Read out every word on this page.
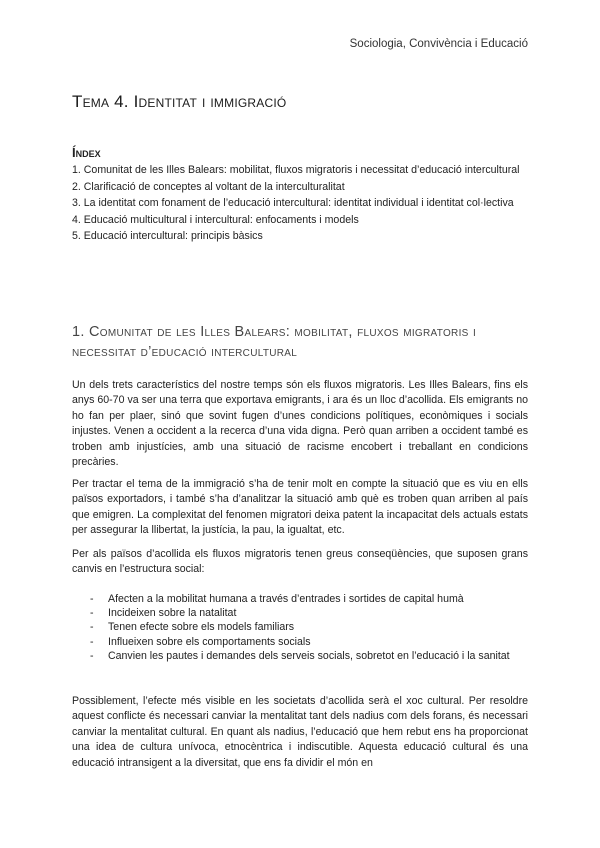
Sociologia, Convivència i Educació
Tema 4. Identitat i immigració
Índex
1. Comunitat de les Illes Balears: mobilitat, fluxos migratoris i necessitat d’educació intercultural
2. Clarificació de conceptes al voltant de la interculturalitat
3. La identitat com fonament de l’educació intercultural: identitat individual i identitat col·lectiva
4. Educació multicultural i intercultural: enfocaments i models
5. Educació intercultural: principis bàsics
1. Comunitat de les Illes Balears: mobilitat, fluxos migratoris i necessitat d’educació intercultural

Un dels trets característics del nostre temps són els fluxos migratoris. Les Illes Balears, fins els anys 60-70 va ser una terra que exportava emigrants, i ara és un lloc d’acollida. Els emigrants no ho fan per plaer, sinó que sovint fugen d’unes condicions polítiques, econòmiques i socials injustes. Venen a occident a la recerca d’una vida digna. Però quan arriben a occident també es troben amb injustícies, amb una situació de racisme encobert i treballant en condicions precàries.

Per tractar el tema de la immigració s’ha de tenir molt en compte la situació que es viu en ells països exportadors, i també s’ha d’analitzar la situació amb què es troben quan arriben al país que emigren. La complexitat del fenomen migratori deixa patent la incapacitat dels actuals estats per assegurar la llibertat, la justícia, la pau, la igualtat, etc.

Per als països d’acollida els fluxos migratoris tenen greus conseqüències, que suposen grans canvis en l’estructura social:

- Afecten a la mobilitat humana a través d’entrades i sortides de capital humà
- Incideixen sobre la natalitat
- Tenen efecte sobre els models familiars
- Influeixen sobre els comportaments socials
- Canvien les pautes i demandes dels serveis socials, sobretot en l’educació i la sanitat

Possiblement, l’efecte més visible en les societats d’acollida serà el xoc cultural. Per resoldre aquest conflicte és necessari canviar la mentalitat tant dels nadius com dels forans, és necessari canviar la mentalitat cultural. En quant als nadius, l’educació que hem rebut ens ha proporcionat una idea de cultura unívoca, etnocèntrica i indiscutible. Aquesta educació cultural és una educació intransigent a la diversitat, que ens fa dividir el món en
